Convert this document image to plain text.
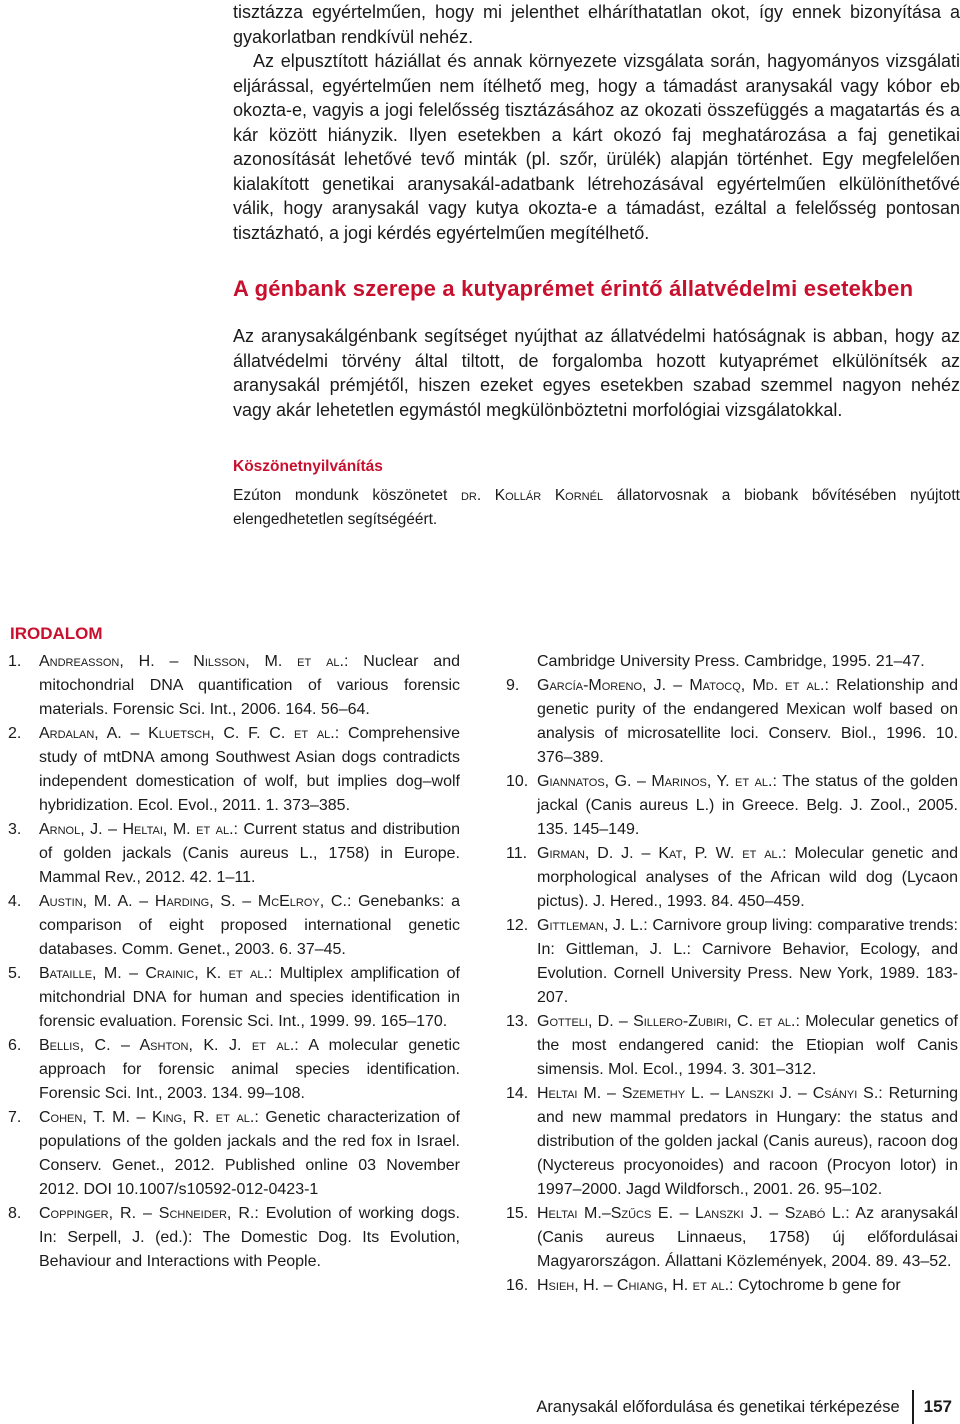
tisztázza egyértelműen, hogy mi jelenthet elháríthatatlan okot, így ennek bizonyítása a gyakorlatban rendkívül nehéz.

Az elpusztított háziállat és annak környezete vizsgálata során, hagyományos vizsgálati eljárással, egyértelműen nem ítélhető meg, hogy a támadást aranysakál vagy kóbor eb okozta-e, vagyis a jogi felelősség tisztázásához az okozati összefüggés a magatartás és a kár között hiányzik. Ilyen esetekben a kárt okozó faj meghatározása a faj genetikai azonosítását lehetővé tevő minták (pl. szőr, ürülék) alapján történhet. Egy megfelelően kialakított genetikai aranysakál-adatbank létrehozásával egyértelműen elkülöníthetővé válik, hogy aranysakál vagy kutya okozta-e a támadást, ezáltal a felelősség pontosan tisztázható, a jogi kérdés egyértelműen megítélhető.

A génbank szerepe a kutyaprémet érintő állatvédelmi esetekben

Az aranysakálgénbank segítséget nyújthat az állatvédelmi hatóságnak is abban, hogy az állatvédelmi törvény által tiltott, de forgalomba hozott kutyaprémet elkülönítsék az aranysakál prémjétől, hiszen ezeket egyes esetekben szabad szemmel nagyon nehéz vagy akár lehetetlen egymástól megkülönböztetni morfológiai vizsgálatokkal.

Köszönetnyilvánítás

Ezúton mondunk köszönetet dr. Kollár Kornél állatorvosnak a biobank bővítésében nyújtott elengedhetetlen segítségéért.

IRODALOM
1.	Andreasson, H. – Nilsson, M. et al.: Nuclear and mitochondrial DNA quantification of various forensic materials. Forensic Sci. Int., 2006. 164. 56–64.
2.	Ardalan, A. – Kluetsch, C. F. C. et al.: Comprehensive study of mtDNA among Southwest Asian dogs contradicts independent domestication of wolf, but implies dog–wolf hybridization. Ecol. Evol., 2011. 1. 373–385.
3.	Arnol, J. – Heltai, M. et al.: Current status and distribution of golden jackals (Canis aureus L., 1758) in Europe. Mammal Rev., 2012. 42. 1–11.
4.	Austin, M. A. – Harding, S. – McElroy, C.: Genebanks: a comparison of eight proposed international genetic databases. Comm. Genet., 2003. 6. 37–45.
5.	Bataille, M. – Crainic, K. et al.: Multiplex amplification of mitchondrial DNA for human and species identification in forensic evaluation. Forensic Sci. Int., 1999. 99. 165–170.
6.	Bellis, C. – Ashton, K. J. et al.: A molecular genetic approach for forensic animal species identification. Forensic Sci. Int., 2003. 134. 99–108.
7.	Cohen, T. M. – King, R. et al.: Genetic characterization of populations of the golden jackals and the red fox in Israel. Conserv. Genet., 2012. Published online 03 November 2012. DOI 10.1007/s10592-012-0423-1
8.	Coppinger, R. – Schneider, R.: Evolution of working dogs. In: Serpell, J. (ed.): The Domestic Dog. Its Evolution, Behaviour and Interactions with People.
Cambridge University Press. Cambridge, 1995. 21–47.
9.	García-Moreno, J. – Matocq, Md. et al.: Relationship and genetic purity of the endangered Mexican wolf based on analysis of microsatellite loci. Conserv. Biol., 1996. 10. 376–389.
10. Giannatos, G. – Marinos, Y. et al.: The status of the golden jackal (Canis aureus L.) in Greece. Belg. J. Zool., 2005. 135. 145–149.
11. Girman, D. J. – Kat, P. W. et al.: Molecular genetic and morphological analyses of the African wild dog (Lycaon pictus). J. Hered., 1993. 84. 450–459.
12. Gittleman, J. L.: Carnivore group living: comparative trends: In: Gittleman, J. L.: Carnivore Behavior, Ecology, and Evolution. Cornell University Press. New York, 1989. 183-207.
13. Gotteli, D. – Sillero-Zubiri, C. et al.: Molecular genetics of the most endangered canid: the Etiopian wolf Canis simensis. Mol. Ecol., 1994. 3. 301–312.
14. Heltai M. – Szemethy L. – Lanszki J. – Csányi S.: Returning and new mammal predators in Hungary: the status and distribution of the golden jackal (Canis aureus), racoon dog (Nyctereus procyonoides) and racoon (Procyon lotor) in 1997–2000. Jagd Wildforsch., 2001. 26. 95–102.
15. Heltai M.–Szűcs E. – Lanszki J. – Szabó L.: Az aranysakál (Canis aureus Linnaeus, 1758) új előfordulásai Magyarországon. Állattani Közlemények, 2004. 89. 43–52.
16. Hsieh, H. – Chiang, H. et al.: Cytochrome b gene for
Aranysakál előfordulása és genetikai térképezése	157
